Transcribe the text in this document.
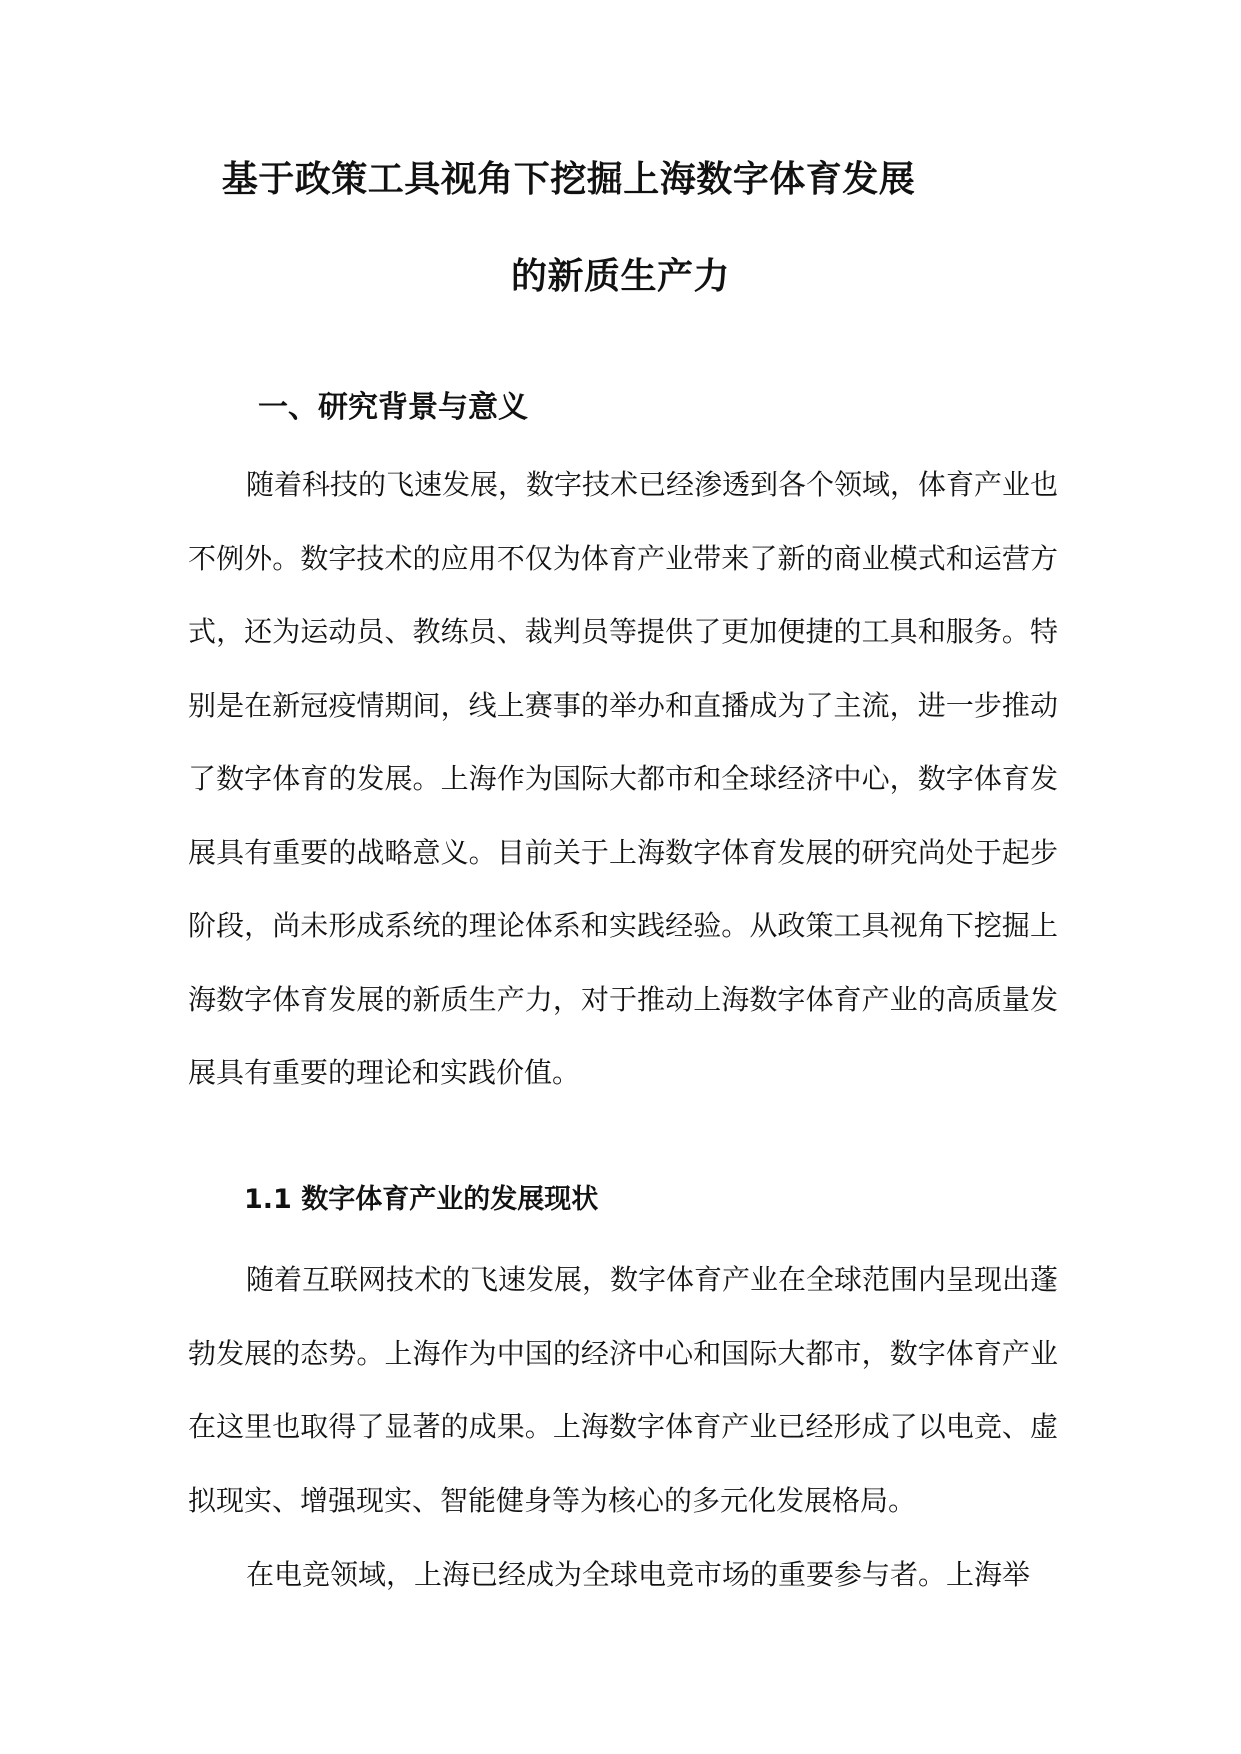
基于政策工具视角下挖掘上海数字体育发展
的新质生产力
一、研究背景与意义

随着科技的飞速发展，数字技术已经渗透到各个领域，体育产业也不例外。数字技术的应用不仅为体育产业带来了新的商业模式和运营方式，还为运动员、教练员、裁判员等提供了更加便捷的工具和服务。特别是在新冠疫情期间，线上赛事的举办和直播成为了主流，进一步推动了数字体育的发展。上海作为国际大都市和全球经济中心，数字体育发展具有重要的战略意义。目前关于上海数字体育发展的研究尚处于起步阶段，尚未形成系统的理论体系和实践经验。从政策工具视角下挖掘上海数字体育发展的新质生产力，对于推动上海数字体育产业的高质量发展具有重要的理论和实践价值。

1.1 数字体育产业的发展现状

随着互联网技术的飞速发展，数字体育产业在全球范围内呈现出蓬勃发展的态势。上海作为中国的经济中心和国际大都市，数字体育产业在这里也取得了显著的成果。上海数字体育产业已经形成了以电竞、虚拟现实、增强现实、智能健身等为核心的多元化发展格局。

在电竞领域，上海已经成为全球电竞市场的重要参与者。上海举
